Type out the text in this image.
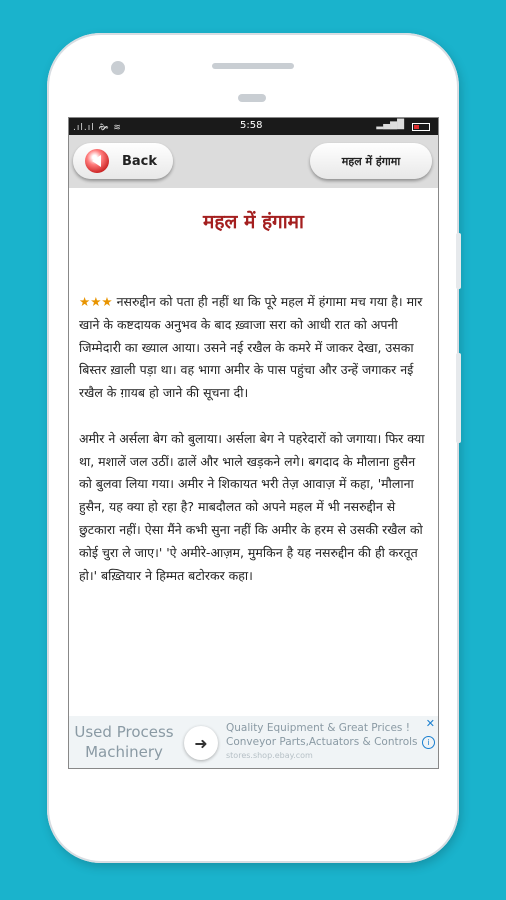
.ıl.ıl 🙞 ≋	5:58	▂▄▆█
Back	महल में हंगामा
महल में हंगामा

★★★ नसरुद्दीन को पता ही नहीं था कि पूरे महल में हंगामा मच गया है। मार खाने के कष्टदायक अनुभव के बाद ख़्वाजा सरा को आधी रात को अपनी जिम्मेदारी का ख्याल आया। उसने नई रखैल के कमरे में जाकर देखा, उसका बिस्तर ख़ाली पड़ा था। वह भागा अमीर के पास पहुंचा और उन्हें जगाकर नई रखैल के ग़ायब हो जाने की सूचना दी।

अमीर ने अर्सला बेग को बुलाया। अर्सला बेग ने पहरेदारों को जगाया। फिर क्या था, मशालें जल उठीं। ढालें और भाले खड़कने लगे। बगदाद के मौलाना हुसैन को बुलवा लिया गया। अमीर ने शिकायत भरी तेज़ आवाज़ में कहा, 'मौलाना हुसैन, यह क्या हो रहा है? माबदौलत को अपने महल में भी नसरुद्दीन से छुटकारा नहीं। ऐसा मैंने कभी सुना नहीं कि अमीर के हरम से उसकी रखैल को कोई चुरा ले जाए।' 'ऐ अमीरे-आज़म, मुमकिन है यह नसरुद्दीन की ही करतूत हो।' बख़्तियार ने हिम्मत बटोरकर कहा।

Used Process Machinery	➜
Quality Equipment & Great Prices !
Conveyor Parts,Actuators & Controls
stores.shop.ebay.com
✕
i
